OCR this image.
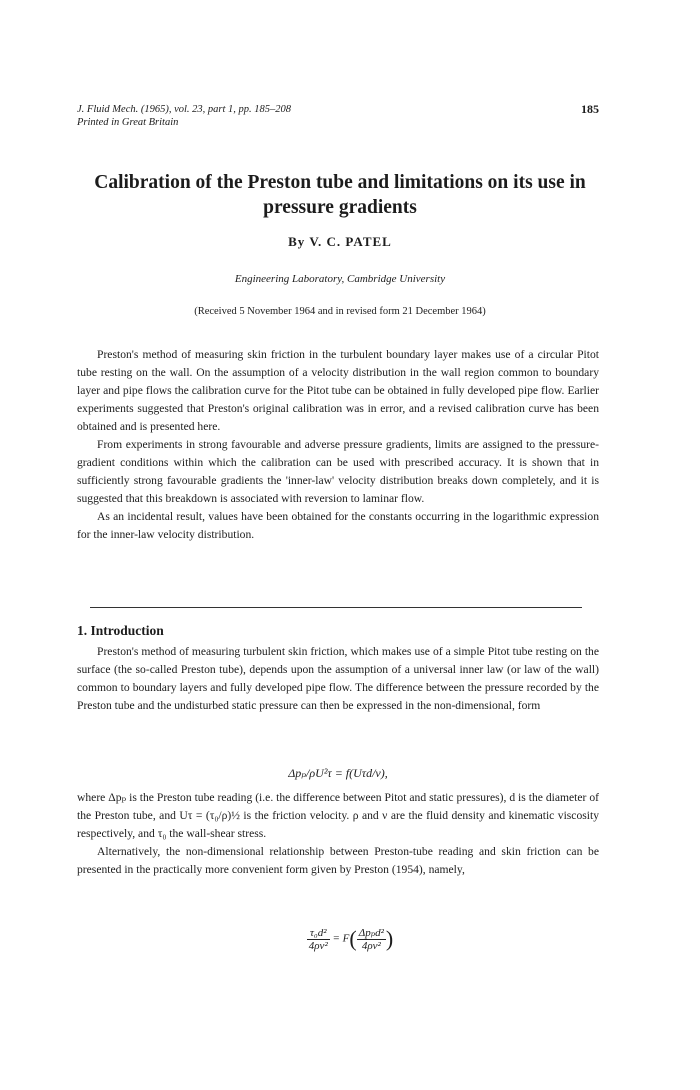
J. Fluid Mech. (1965), vol. 23, part 1, pp. 185–208
Printed in Great Britain
185
Calibration of the Preston tube and limitations on its use in pressure gradients
By V. C. PATEL
Engineering Laboratory, Cambridge University
(Received 5 November 1964 and in revised form 21 December 1964)

Preston's method of measuring skin friction in the turbulent boundary layer makes use of a circular Pitot tube resting on the wall. On the assumption of a velocity distribution in the wall region common to boundary layer and pipe flows the calibration curve for the Pitot tube can be obtained in fully developed pipe flow. Earlier experiments suggested that Preston's original calibration was in error, and a revised calibration curve has been obtained and is presented here.

From experiments in strong favourable and adverse pressure gradients, limits are assigned to the pressure-gradient conditions within which the calibration can be used with prescribed accuracy. It is shown that in sufficiently strong favourable gradients the 'inner-law' velocity distribution breaks down completely, and it is suggested that this breakdown is associated with reversion to laminar flow.

As an incidental result, values have been obtained for the constants occurring in the logarithmic expression for the inner-law velocity distribution.

1. Introduction

Preston's method of measuring turbulent skin friction, which makes use of a simple Pitot tube resting on the surface (the so-called Preston tube), depends upon the assumption of a universal inner law (or law of the wall) common to boundary layers and fully developed pipe flow. The difference between the pressure recorded by the Preston tube and the undisturbed static pressure can then be expressed in the non-dimensional, form

Δpₚ/ρU²τ = f(Uτd/ν),

where Δpₚ is the Preston tube reading (i.e. the difference between Pitot and static pressures), d is the diameter of the Preston tube, and Uτ = (τ₀/ρ)½ is the friction velocity. ρ and ν are the fluid density and kinematic viscosity respectively, and τ₀ the wall-shear stress.

Alternatively, the non-dimensional relationship between Preston-tube reading and skin friction can be presented in the practically more convenient form given by Preston (1954), namely,

$\frac{\text{τ₀d²}}{\text{4ρν²}} = F( \frac{\text{Δpₚd²}}{\text{4ρν²}}$ )
